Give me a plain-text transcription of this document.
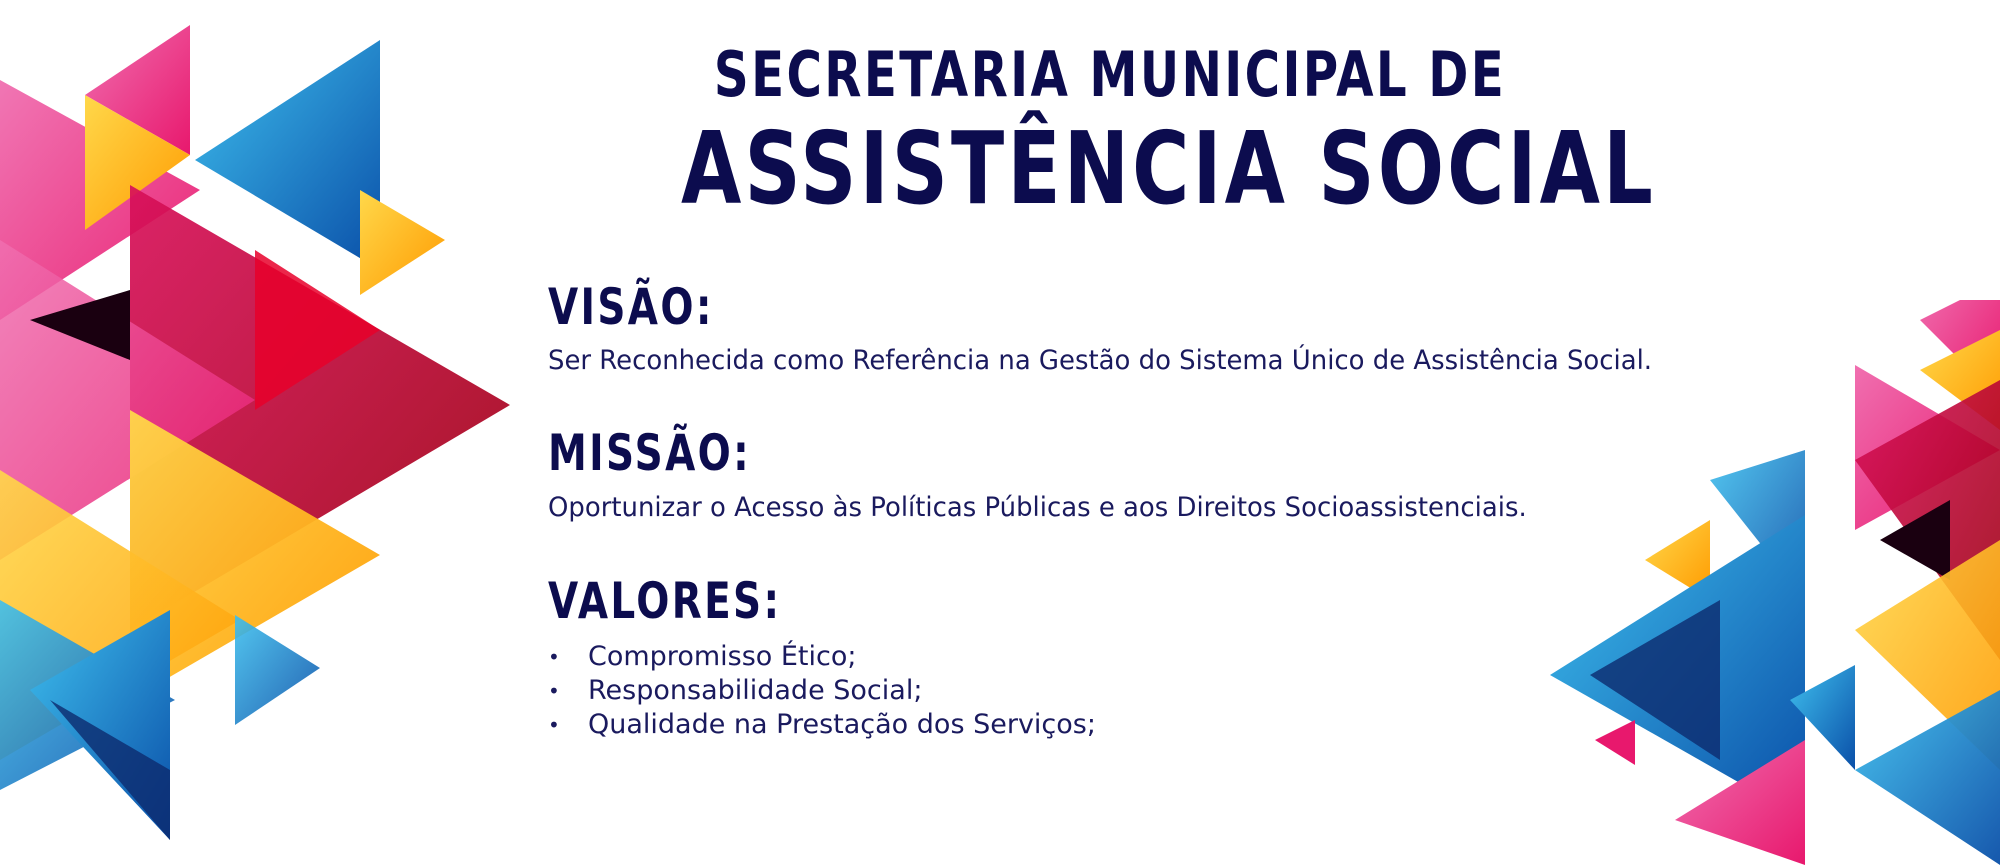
SECRETARIA MUNICIPAL DE
ASSISTÊNCIA SOCIAL
VISÃO:
Ser Reconhecida como Referência na Gestão do Sistema Único de Assistência Social.
MISSÃO:
Oportunizar o Acesso às Políticas Públicas e aos Direitos Socioassistenciais.
VALORES:
•	Compromisso Ético;
•	Responsabilidade Social;
•	Qualidade na Prestação dos Serviços;
